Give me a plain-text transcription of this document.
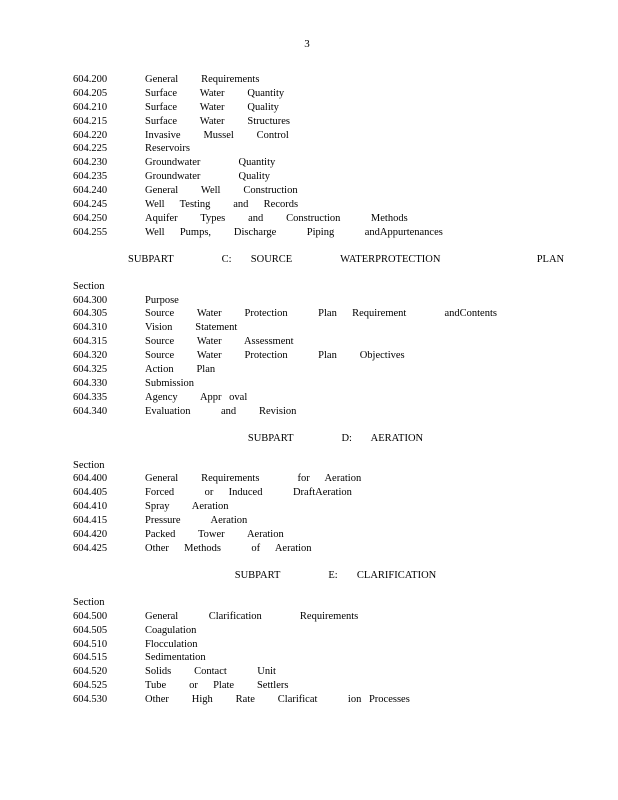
3
604.200	General   Requirements
604.205	Surface   Water   Quantity
604.210	Surface   Water   Quality
604.215	Surface   Water   Structures
604.220	Invasive   Mussel   Control
604.225	Reservoirs
604.230	Groundwater     Quantity
604.235	Groundwater     Quality
604.240	General   Well   Construction
604.245	Well  Testing   and  Records
604.250	Aquifer   Types   and   Construction    Methods
604.255	Well  Pumps,   Discharge    Piping    andAppurtenances
SUBPART     C:  SOURCE     WATERPROTECTION          PLAN
Section
604.300	Purpose
604.305	Source   Water   Protection    Plan  Requirement     andContents
604.310	Vision   Statement
604.315	Source   Water   Assessment
604.320	Source   Water   Protection    Plan   Objectives
604.325	Action   Plan
604.330	Submission
604.335	Agency   Appr oval
604.340	Evaluation    and   Revision
SUBPART     D:  AERATION
Section
604.400	General   Requirements     for  Aeration
604.405	Forced    or  Induced    DraftAeration
604.410	Spray   Aeration
604.415	Pressure    Aeration
604.420	Packed   Tower   Aeration
604.425	Other  Methods    of  Aeration
SUBPART     E:  CLARIFICATION
Section
604.500	General    Clarification     Requirements
604.505	Coagulation
604.510	Flocculation
604.515	Sedimentation
604.520	Solids   Contact    Unit
604.525	Tube   or  Plate   Settlers
604.530	Other   High   Rate   Clarificat    ion Processes
